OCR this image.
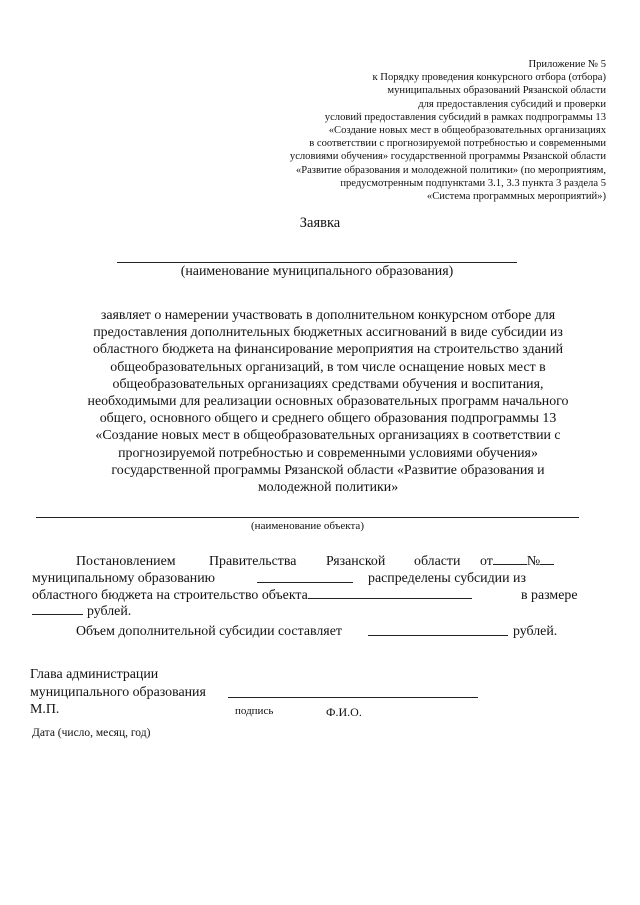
Приложение № 5
к Порядку проведения конкурсного отбора (отбора)
муниципальных образований Рязанской области
для предоставления субсидий и проверки
условий предоставления субсидий в рамках подпрограммы 13
«Создание новых мест в общеобразовательных организациях
в соответствии с прогнозируемой потребностью и современными
условиями обучения» государственной программы Рязанской области
«Развитие образования и молодежной политики» (по мероприятиям,
предусмотренным подпунктами 3.1, 3.3 пункта 3 раздела 5
«Система программных мероприятий»)
Заявка
(наименование муниципального образования)
заявляет о намерении участвовать в дополнительном конкурсном отборе для
предоставления дополнительных бюджетных ассигнований в виде субсидии из
областного бюджета на финансирование мероприятия на строительство зданий
общеобразовательных организаций, в том числе оснащение новых мест в
общеобразовательных организациях средствами обучения и воспитания,
необходимыми для реализации основных образовательных программ начального
общего, основного общего и среднего общего образования подпрограммы 13
«Создание новых мест в общеобразовательных организациях в соответствии с
прогнозируемой потребностью и современными условиями обучения»
государственной программы Рязанской области «Развитие образования и
молодежной политики»
(наименование объекта)
Постановлением Правительства Рязанской области от №
муниципальному образованию	распределены субсидии из
областного бюджета на строительство объекта	в размере
рублей.
Объем дополнительной субсидии составляет	рублей.
Глава администрации
муниципального образования
М.П.	подпись	Ф.И.О.
Дата (число, месяц, год)
